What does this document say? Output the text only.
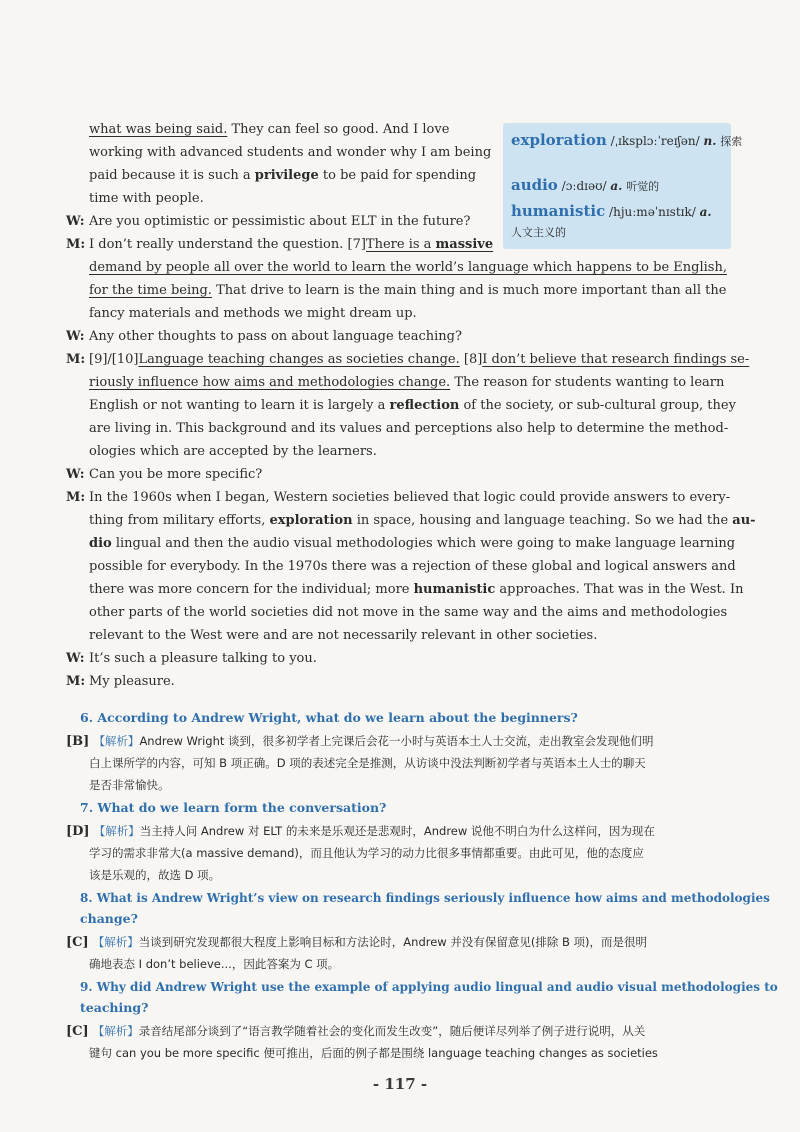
exploration /ˌɪksplɔːˈreɪʃən/ n. 探索
audio /ɔːdɪəʊ/ a. 听觉的
humanistic /hjuːməˈnɪstɪk/ a. 人文主义的
what was being said. They can feel so good. And I love
working with advanced students and wonder why I am being
paid because it is such a privilege to be paid for spending
time with people.
W: Are you optimistic or pessimistic about ELT in the future?
M: I don’t really understand the question. [7]There is a massive
demand by people all over the world to learn the world’s language which happens to be English,
for the time being. That drive to learn is the main thing and is much more important than all the
fancy materials and methods we might dream up.
W: Any other thoughts to pass on about language teaching?
M: [9]/[10]Language teaching changes as societies change. [8]I don’t believe that research findings se-
riously influence how aims and methodologies change. The reason for students wanting to learn
English or not wanting to learn it is largely a reflection of the society, or sub-cultural group, they
are living in. This background and its values and perceptions also help to determine the method-
ologies which are accepted by the learners.
W: Can you be more specific?
M: In the 1960s when I began, Western societies believed that logic could provide answers to every-
thing from military efforts, exploration in space, housing and language teaching. So we had the au-
dio lingual and then the audio visual methodologies which were going to make language learning
possible for everybody. In the 1970s there was a rejection of these global and logical answers and
there was more concern for the individual; more humanistic approaches. That was in the West. In
other parts of the world societies did not move in the same way and the aims and methodologies
relevant to the West were and are not necessarily relevant in other societies.
W: It’s such a pleasure talking to you.
M: My pleasure.
6. According to Andrew Wright, what do we learn about the beginners?
[B] 【解析】Andrew Wright 谈到，很多初学者上完课后会花一小时与英语本土人士交流，走出教室会发现他们明
白上课所学的内容，可知 B 项正确。D 项的表述完全是推测，从访谈中没法判断初学者与英语本土人士的聊天
是否非常愉快。
7. What do we learn form the conversation?
[D] 【解析】当主持人问 Andrew 对 ELT 的未来是乐观还是悲观时，Andrew 说他不明白为什么这样问，因为现在
学习的需求非常大(a massive demand)，而且他认为学习的动力比很多事情都重要。由此可见，他的态度应
该是乐观的，故选 D 项。
8. What is Andrew Wright’s view on research findings seriously influence how aims and methodologies
change?
[C] 【解析】当谈到研究发现都很大程度上影响目标和方法论时，Andrew 并没有保留意见(排除 B 项)，而是很明
确地表态 I don’t believe...，因此答案为 C 项。
9. Why did Andrew Wright use the example of applying audio lingual and audio visual methodologies to
teaching?
[C] 【解析】录音结尾部分谈到了“语言教学随着社会的变化而发生改变”，随后便详尽列举了例子进行说明，从关
键句 can you be more specific 便可推出，后面的例子都是围绕 language teaching changes as societies
- 117 -
